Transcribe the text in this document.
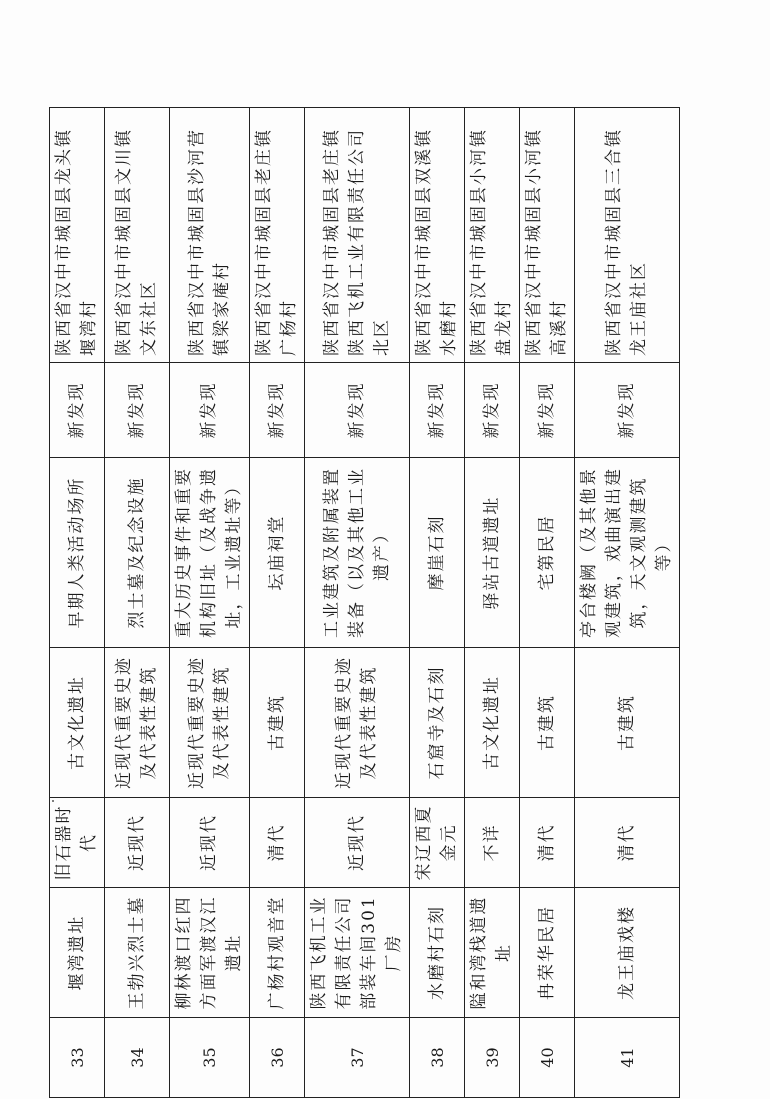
33	堰湾遗址	旧石器时代	古文化遗址	早期人类活动场所	新发现	陕西省汉中市城固县龙头镇堰湾村
34	王勃兴烈士墓	近现代	近现代重要史迹及代表性建筑	烈士墓及纪念设施	新发现	陕西省汉中市城固县文川镇文东社区
35	柳林渡口红四方面军渡汉江遗址	近现代	近现代重要史迹及代表性建筑	重大历史事件和重要机构旧址（及战争遗址，工业遗址等）	新发现	陕西省汉中市城固县沙河营镇梁家庵村
36	广杨村观音堂	清代	古建筑	坛庙祠堂	新发现	陕西省汉中市城固县老庄镇广杨村
37	陕西飞机工业有限责任公司部装车间301厂房	近现代	近现代重要史迹及代表性建筑	工业建筑及附属装置装备（以及其他工业遗产）	新发现	陕西省汉中市城固县老庄镇陕西飞机工业有限责任公司北区
38	水磨村石刻	宋辽西夏金元	石窟寺及石刻	摩崖石刻	新发现	陕西省汉中市城固县双溪镇水磨村
39	隘和湾栈道遗址	不详	古文化遗址	驿站古道遗址	新发现	陕西省汉中市城固县小河镇盘龙村
40	冉荣华民居	清代	古建筑	宅第民居	新发现	陕西省汉中市城固县小河镇高溪村
41	龙王庙戏楼	清代	古建筑	亭台楼阙（及其他景观建筑，戏曲演出建筑，天文观测建筑等）	新发现	陕西省汉中市城固县三合镇龙王庙社区
